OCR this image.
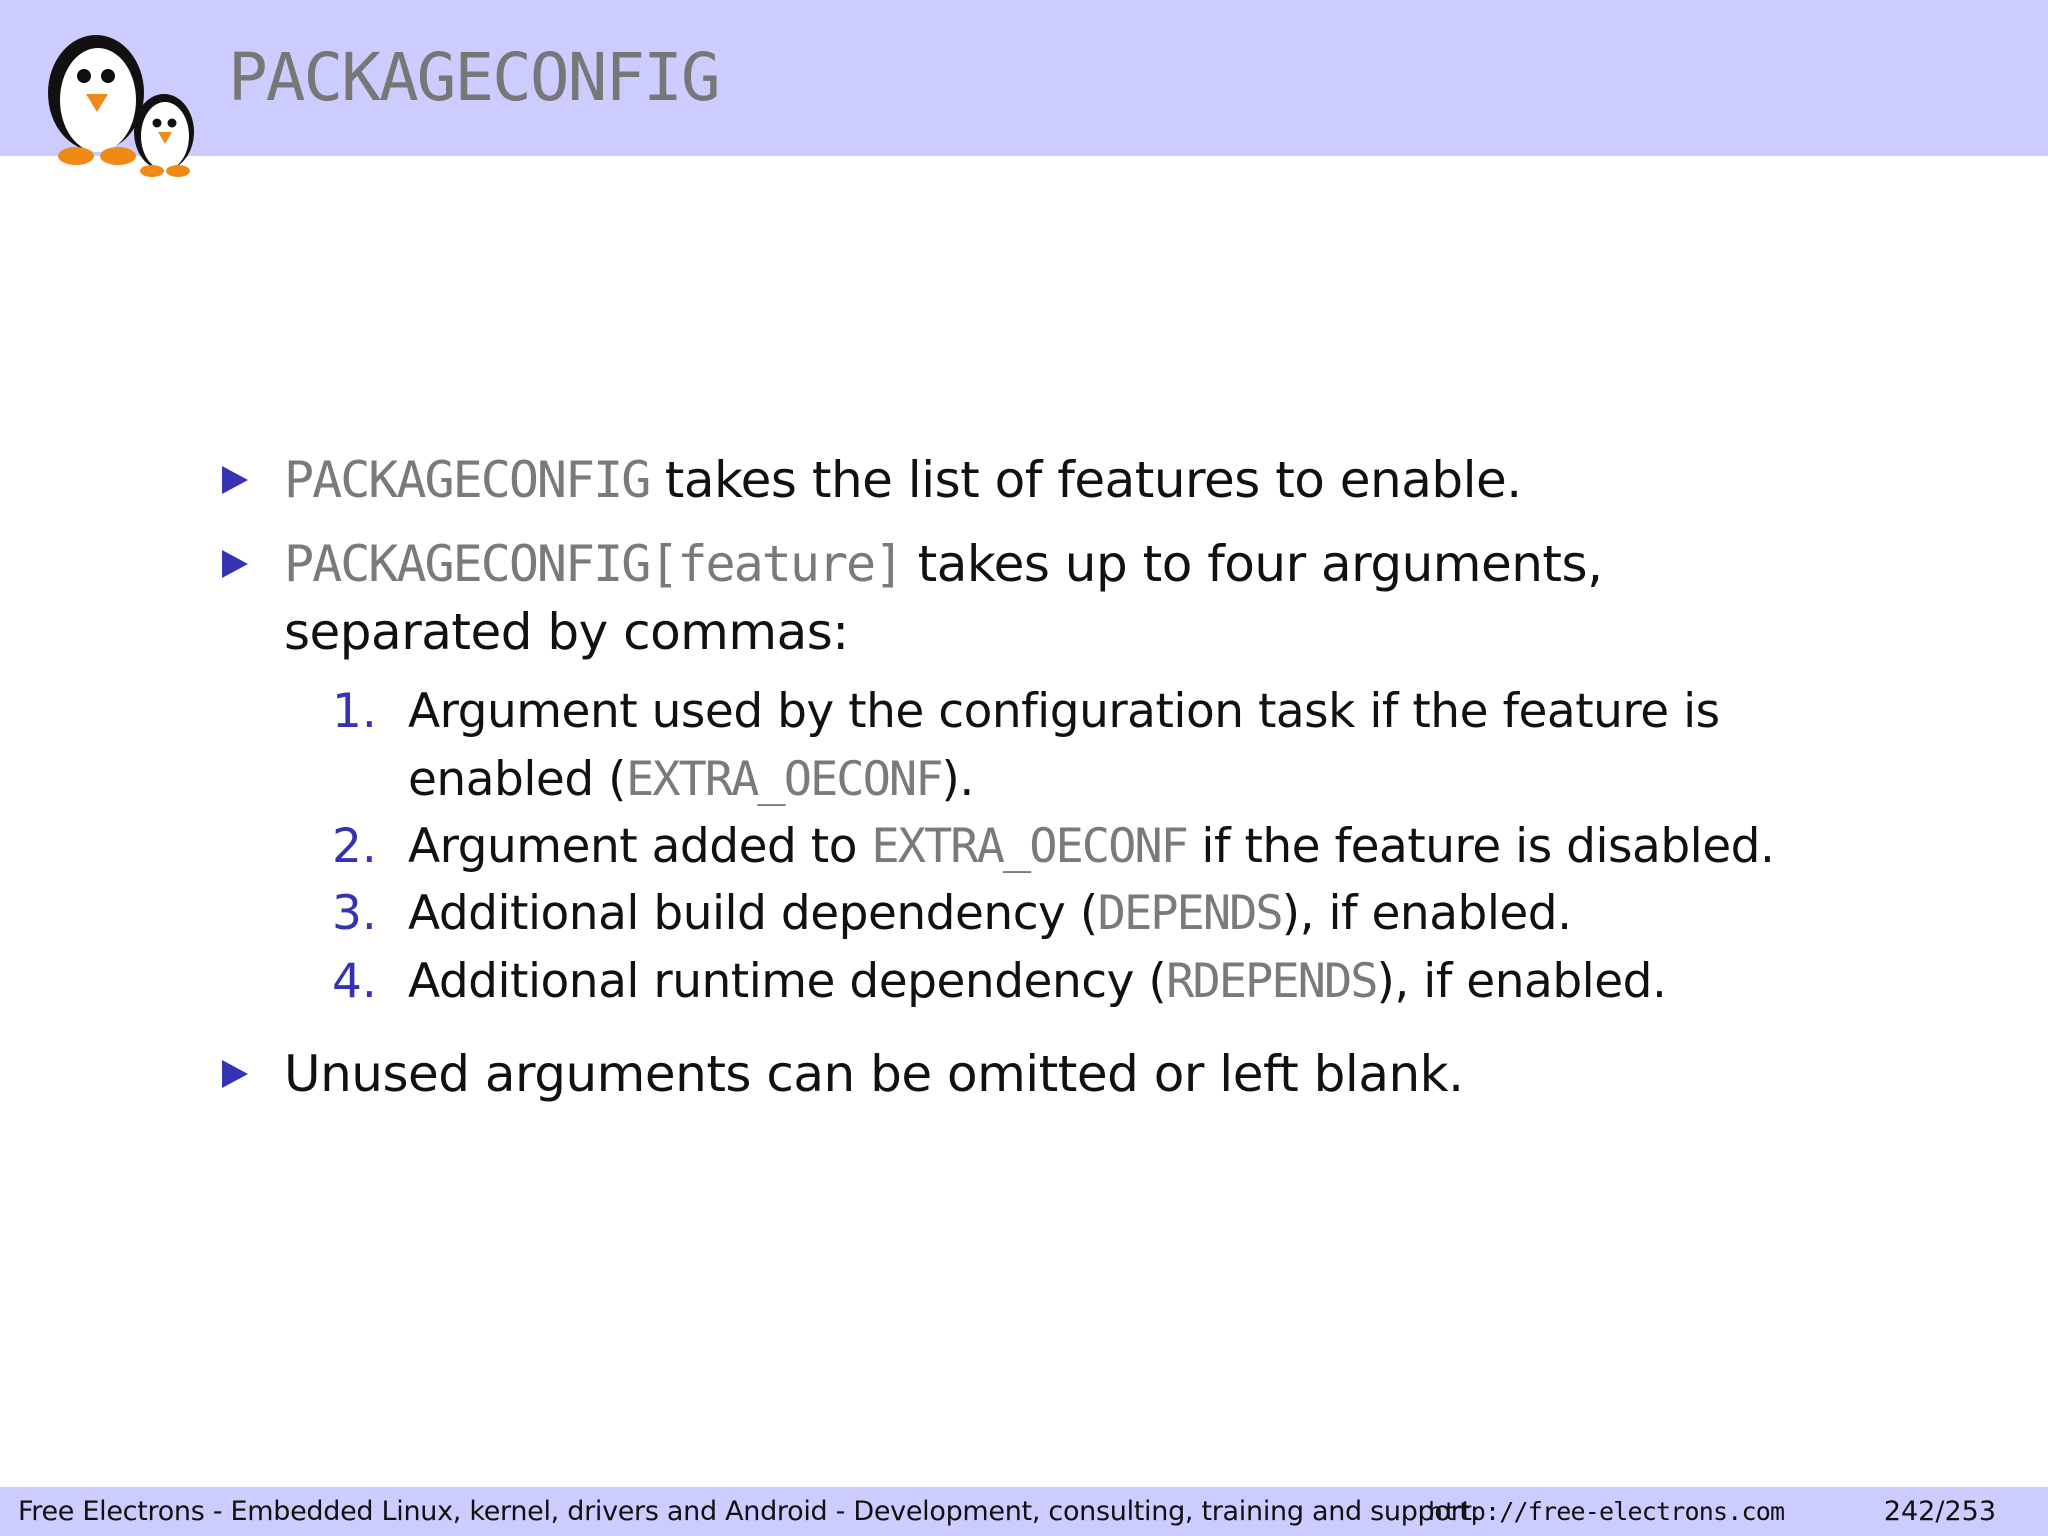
PACKAGECONFIG
PACKAGECONFIG takes the list of features to enable.
PACKAGECONFIG[feature] takes up to four arguments,
separated by commas:
1. Argument used by the configuration task if the feature is
enabled (EXTRA_OECONF).
2. Argument added to EXTRA_OECONF if the feature is disabled.
3. Additional build dependency (DEPENDS), if enabled.
4. Additional runtime dependency (RDEPENDS), if enabled.
Unused arguments can be omitted or left blank.
Free Electrons - Embedded Linux, kernel, drivers and Android - Development, consulting, training and support.
http://free-electrons.com	242/253
